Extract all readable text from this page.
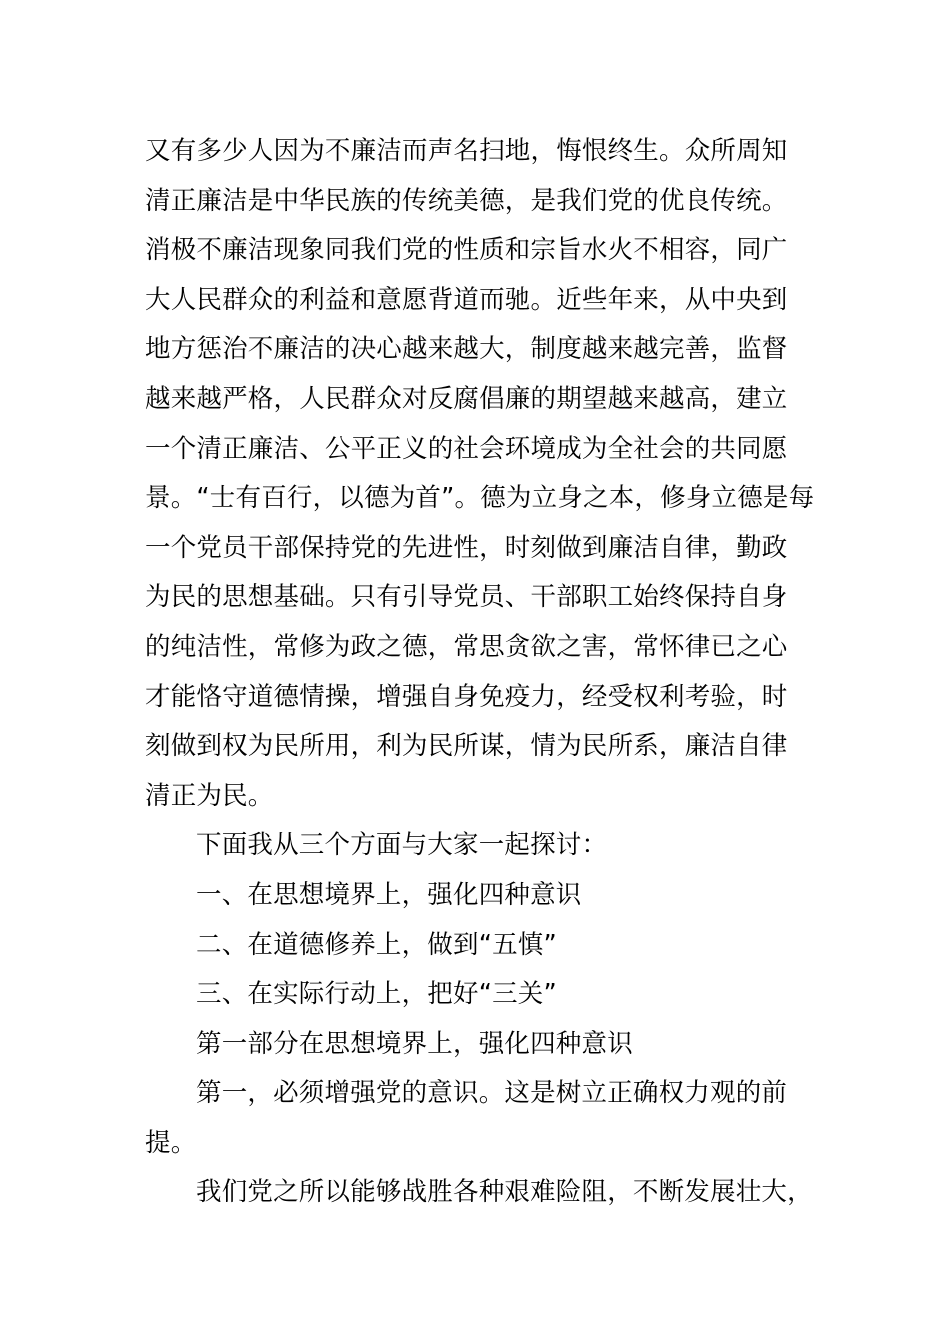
又有多少人因为不廉洁而声名扫地，悔恨终生。众所周知
清正廉洁是中华民族的传统美德，是我们党的优良传统。
消极不廉洁现象同我们党的性质和宗旨水火不相容，同广
大人民群众的利益和意愿背道而驰。近些年来，从中央到
地方惩治不廉洁的决心越来越大，制度越来越完善，监督
越来越严格，人民群众对反腐倡廉的期望越来越高，建立
一个清正廉洁、公平正义的社会环境成为全社会的共同愿
景。“士有百行，以德为首”。德为立身之本，修身立德是每
一个党员干部保持党的先进性，时刻做到廉洁自律，勤政
为民的思想基础。只有引导党员、干部职工始终保持自身
的纯洁性，常修为政之德，常思贪欲之害，常怀律已之心
才能恪守道德情操，增强自身免疫力，经受权利考验，时
刻做到权为民所用，利为民所谋，情为民所系，廉洁自律
清正为民。
下面我从三个方面与大家一起探讨：
一、在思想境界上，强化四种意识
二、在道德修养上，做到“五慎”
三、在实际行动上，把好“三关”
第一部分在思想境界上，强化四种意识
第一，必须增强党的意识。这是树立正确权力观的前
提。
我们党之所以能够战胜各种艰难险阻，不断发展壮大，
